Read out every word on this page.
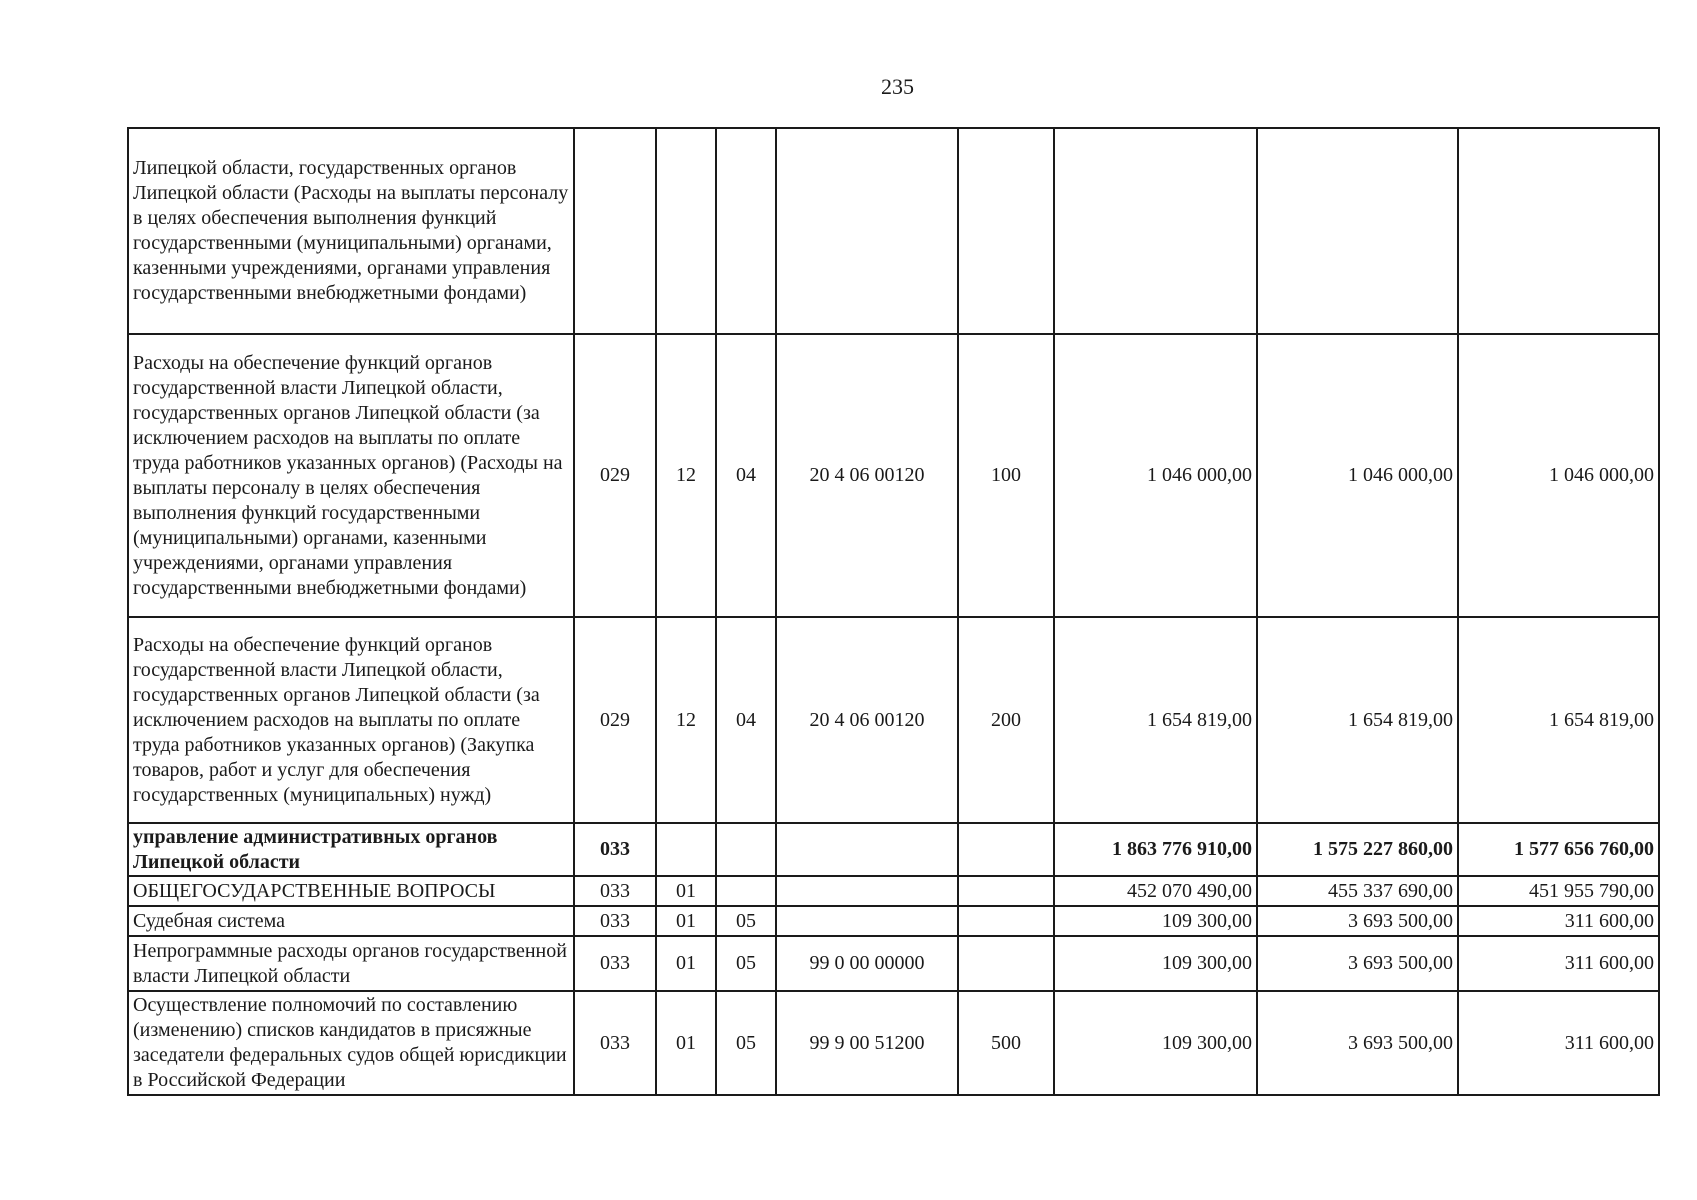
235
Липецкой области, государственных органов Липецкой области (Расходы на выплаты персоналу в целях обеспечения выполнения функций государственными (муниципальными) органами, казенными учреждениями, органами управления государственными внебюджетными фондами)								
Расходы на обеспечение функций органов государственной власти Липецкой области, государственных органов Липецкой области (за исключением расходов на выплаты по оплате труда работников указанных органов) (Расходы на выплаты персоналу в целях обеспечения выполнения функций государственными (муниципальными) органами, казенными учреждениями, органами управления государственными внебюджетными фондами)	029	12	04	20 4 06 00120	100	1 046 000,00	1 046 000,00	1 046 000,00
Расходы на обеспечение функций органов государственной власти Липецкой области, государственных органов Липецкой области (за исключением расходов на выплаты по оплате труда работников указанных органов) (Закупка товаров, работ и услуг для обеспечения государственных (муниципальных) нужд)	029	12	04	20 4 06 00120	200	1 654 819,00	1 654 819,00	1 654 819,00
управление административных органов Липецкой области	033					1 863 776 910,00	1 575 227 860,00	1 577 656 760,00
ОБЩЕГОСУДАРСТВЕННЫЕ ВОПРОСЫ	033	01				452 070 490,00	455 337 690,00	451 955 790,00
Судебная система	033	01	05			109 300,00	3 693 500,00	311 600,00
Непрограммные расходы органов государственной власти Липецкой области	033	01	05	99 0 00 00000		109 300,00	3 693 500,00	311 600,00
Осуществление полномочий по составлению (изменению) списков кандидатов в присяжные заседатели федеральных судов общей юрисдикции в Российской Федерации	033	01	05	99 9 00 51200	500	109 300,00	3 693 500,00	311 600,00
